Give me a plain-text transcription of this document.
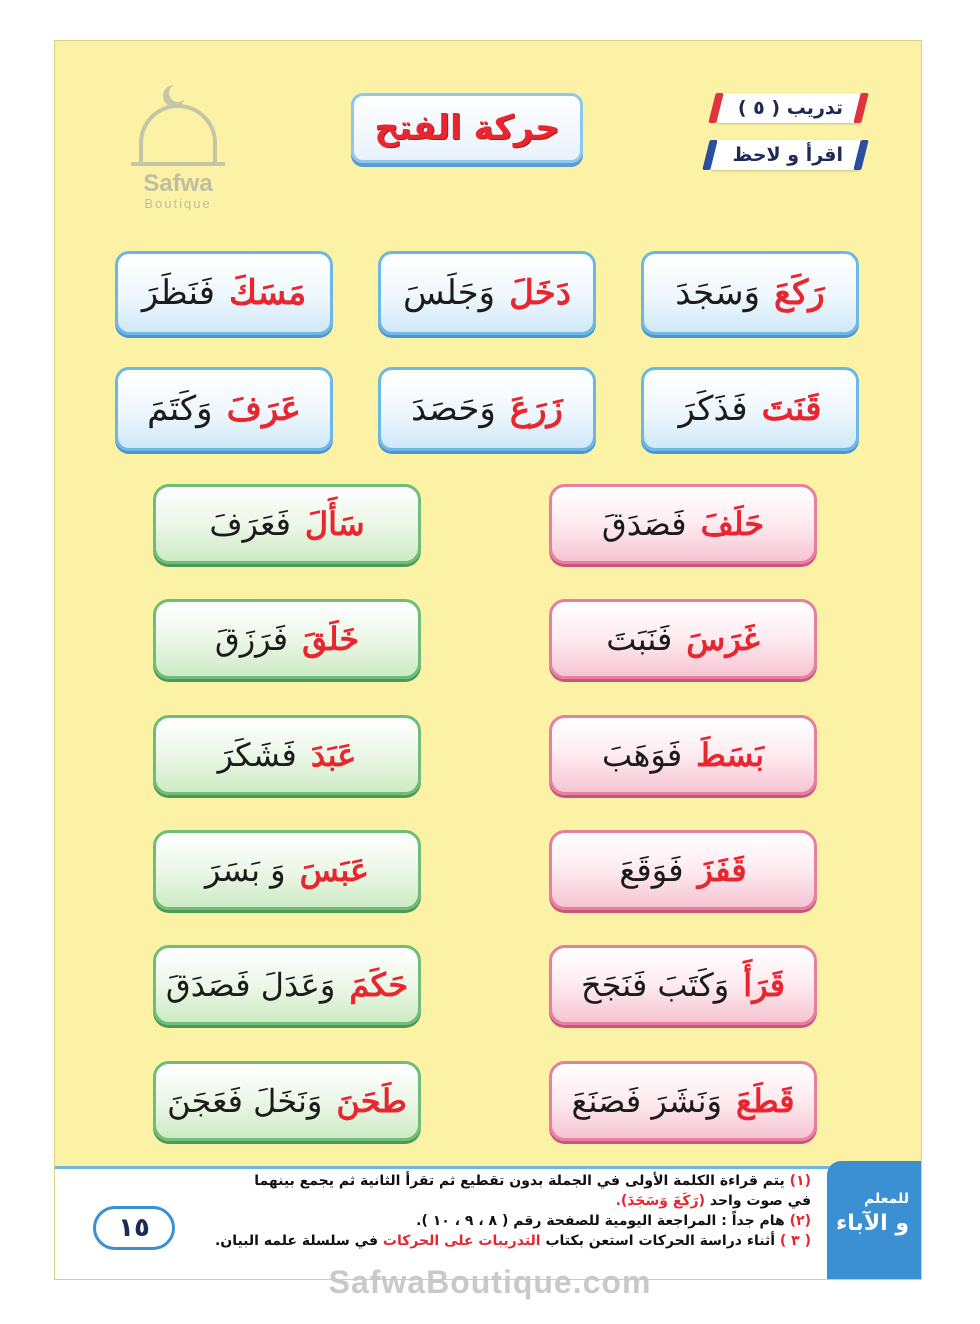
Safwa
Boutique
حركة الفتح	تدريب ( ٥ )
اقرأ و لاحظ
رَكَعَ
وَسَجَدَ
دَخَلَ
وَجَلَسَ
مَسَكَ
فَنَظَرَ
قَنَتَ
فَذَكَرَ
زَرَعَ
وَحَصَدَ
عَرَفَ
وَكَتَمَ
حَلَفَ
فَصَدَقَ
غَرَسَ
فَنَبَتَ
بَسَطَ
فَوَهَبَ
قَفَزَ
فَوَقَعَ
قَرَأَ
وَكَتَبَ فَنَجَحَ
قَطَعَ
وَنَشَرَ فَصَنَعَ
سَأَلَ
فَعَرَفَ
خَلَقَ
فَرَزَقَ
عَبَدَ
فَشَكَرَ
عَبَسَ
وَ بَسَرَ
حَكَمَ
وَعَدَلَ فَصَدَقَ
طَحَنَ
وَنَخَلَ فَعَجَنَ
للمعلم
و الآباء
(١) يتم قراءة الكلمة الأولى في الجملة بدون تقطيع ثم تقرأ الثانية ثم يجمع بينهما
في صوت واحد (رَكَعَ وَسَجَدَ).
(٢) هام جداً : المراجعة اليومية للصفحة رقم ( ٨ ، ٩ ، ١٠ ).
( ٣ ) أثناء دراسة الحركات استعن بكتاب التدريبات على الحركات في سلسلة علمه البيان.
١٥
SafwaBoutique.com
